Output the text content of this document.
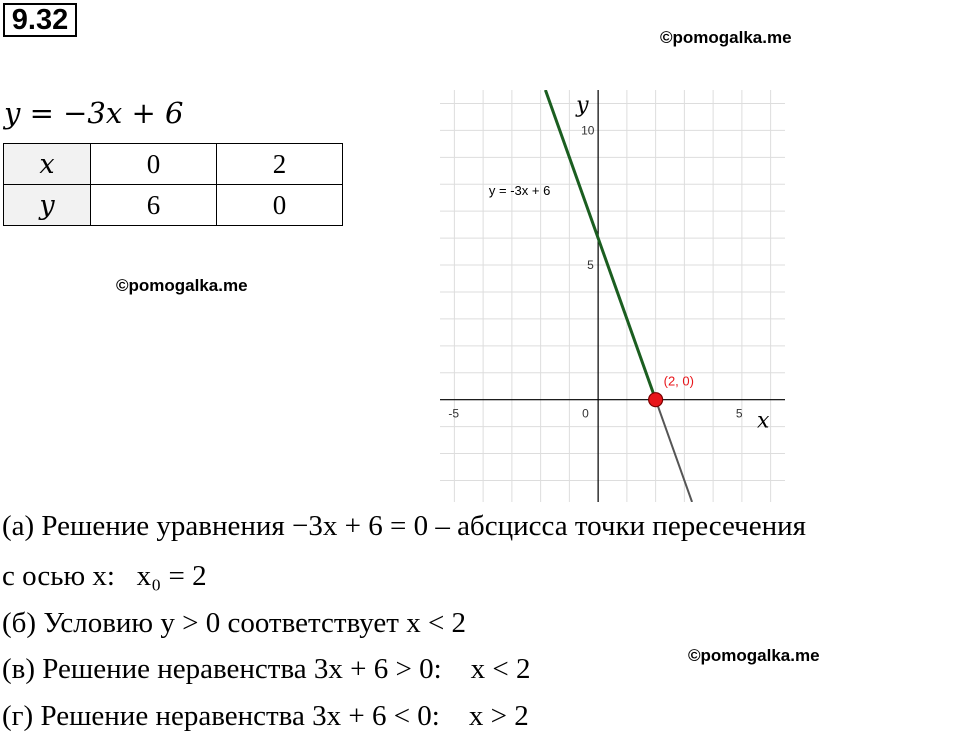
9.32
©pomogalka.me
©pomogalka.me
©pomogalka.me
y = −3x + 6
x	0	2
y	6	0
-5	0	5
5
10
x
y
y = -3x + 6
(2, 0)
(а) Решение уравнения −3x + 6 = 0 – абсцисса точки пересечения
с осью x:   x₀ = 2
(б) Условию y > 0 соответствует x < 2
(в) Решение неравенства 3x + 6 > 0:    x < 2
(г) Решение неравенства 3x + 6 < 0:    x > 2
